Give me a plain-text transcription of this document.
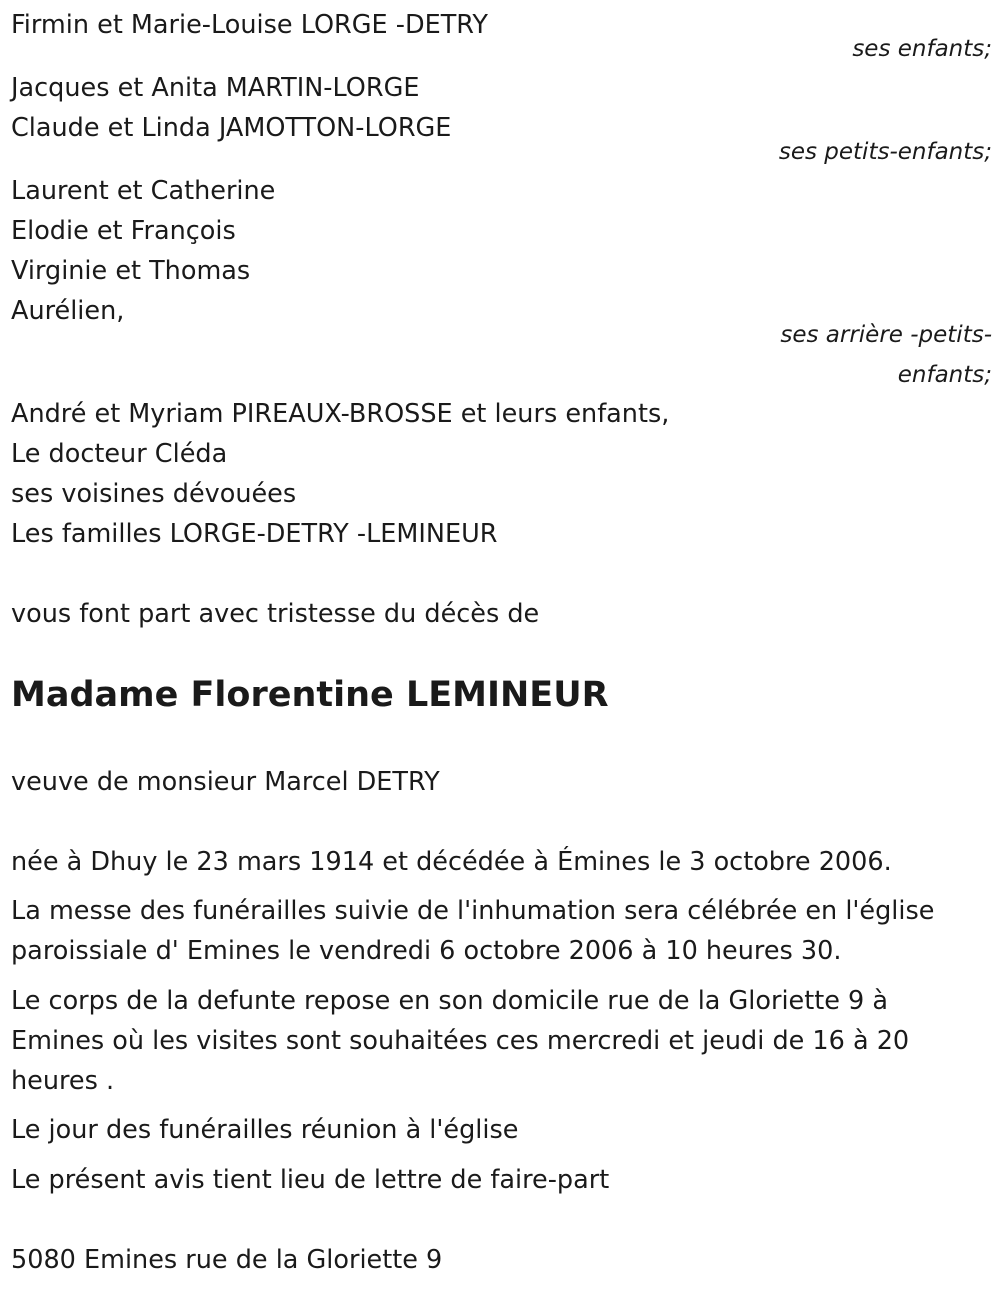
Firmin et Marie-Louise LORGE -DETRY
ses enfants;
Jacques et Anita MARTIN-LORGE
Claude et Linda JAMOTTON-LORGE
ses petits-enfants;
Laurent et Catherine
Elodie et François
Virginie et Thomas
Aurélien,
ses arrière -petits-
enfants;
André et Myriam PIREAUX-BROSSE et leurs enfants,
Le docteur Cléda
ses voisines dévouées
Les familles LORGE-DETRY -LEMINEUR
vous font part avec tristesse du décès de
Madame Florentine LEMINEUR
veuve de monsieur Marcel DETRY
née à Dhuy le 23 mars 1914 et décédée à Émines le 3 octobre 2006.
La messe des funérailles suivie de l'inhumation sera célébrée en l'église
paroissiale d' Emines le vendredi 6 octobre 2006 à 10 heures 30.
Le corps de la defunte repose en son domicile rue de la Gloriette 9 à
Emines où les visites sont souhaitées ces mercredi et jeudi de 16 à 20
heures .
Le jour des funérailles réunion à l'église
Le présent avis tient lieu de lettre de faire-part
5080 Emines rue de la Gloriette 9
